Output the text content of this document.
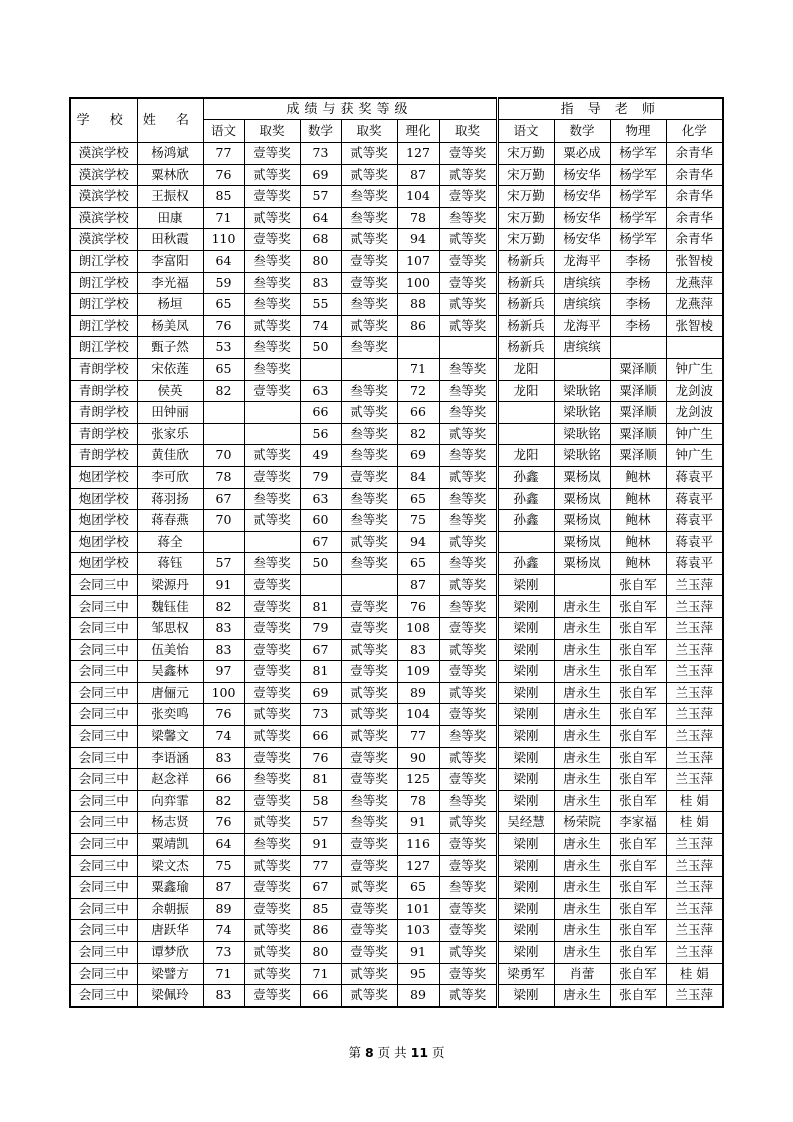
学 校	姓 名	成绩与获奖等级						指 导 老 师			
		语文	取奖	数学	取奖	理化	取奖	语文	数学	物理	化学
漠滨学校	杨鸿斌	77	壹等奖	73	贰等奖	127	壹等奖	宋万勤	粟必成	杨学军	余青华
漠滨学校	粟林欣	76	贰等奖	69	贰等奖	87	贰等奖	宋万勤	杨安华	杨学军	余青华
漠滨学校	王振权	85	壹等奖	57	叁等奖	104	壹等奖	宋万勤	杨安华	杨学军	余青华
漠滨学校	田康	71	贰等奖	64	叁等奖	78	叁等奖	宋万勤	杨安华	杨学军	余青华
漠滨学校	田秋霞	110	壹等奖	68	贰等奖	94	贰等奖	宋万勤	杨安华	杨学军	余青华
朗江学校	李富阳	64	叁等奖	80	壹等奖	107	壹等奖	杨新兵	龙海平	李杨	张智棱
朗江学校	李光福	59	叁等奖	83	壹等奖	100	壹等奖	杨新兵	唐缤缤	李杨	龙燕萍
朗江学校	杨垣	65	叁等奖	55	叁等奖	88	贰等奖	杨新兵	唐缤缤	李杨	龙燕萍
朗江学校	杨美凤	76	贰等奖	74	贰等奖	86	贰等奖	杨新兵	龙海平	李杨	张智棱
朗江学校	甄子然	53	叁等奖	50	叁等奖			杨新兵	唐缤缤		
青朗学校	宋依莲	65	叁等奖			71	叁等奖	龙阳		粟泽顺	钟广生
青朗学校	侯英	82	壹等奖	63	叁等奖	72	叁等奖	龙阳	梁耿铭	粟泽顺	龙剑波
青朗学校	田钟丽			66	贰等奖	66	叁等奖		梁耿铭	粟泽顺	龙剑波
青朗学校	张家乐			56	叁等奖	82	贰等奖		梁耿铭	粟泽顺	钟广生
青朗学校	黄佳欣	70	贰等奖	49	叁等奖	69	叁等奖	龙阳	梁耿铭	粟泽顺	钟广生
炮团学校	李可欣	78	壹等奖	79	壹等奖	84	贰等奖	孙鑫	粟杨岚	鲍林	蒋袁平
炮团学校	蒋羽扬	67	叁等奖	63	叁等奖	65	叁等奖	孙鑫	粟杨岚	鲍林	蒋袁平
炮团学校	蒋春燕	70	贰等奖	60	叁等奖	75	叁等奖	孙鑫	粟杨岚	鲍林	蒋袁平
炮团学校	蒋全			67	贰等奖	94	贰等奖		粟杨岚	鲍林	蒋袁平
炮团学校	蒋钰	57	叁等奖	50	叁等奖	65	叁等奖	孙鑫	粟杨岚	鲍林	蒋袁平
会同三中	梁源丹	91	壹等奖			87	贰等奖	梁刚		张自军	兰玉萍
会同三中	魏钰佳	82	壹等奖	81	壹等奖	76	叁等奖	梁刚	唐永生	张自军	兰玉萍
会同三中	邹思权	83	壹等奖	79	壹等奖	108	壹等奖	梁刚	唐永生	张自军	兰玉萍
会同三中	伍美怡	83	壹等奖	67	贰等奖	83	贰等奖	梁刚	唐永生	张自军	兰玉萍
会同三中	吴鑫林	97	壹等奖	81	壹等奖	109	壹等奖	梁刚	唐永生	张自军	兰玉萍
会同三中	唐俪元	100	壹等奖	69	贰等奖	89	贰等奖	梁刚	唐永生	张自军	兰玉萍
会同三中	张奕鸣	76	贰等奖	73	贰等奖	104	壹等奖	梁刚	唐永生	张自军	兰玉萍
会同三中	梁馨文	74	贰等奖	66	贰等奖	77	叁等奖	梁刚	唐永生	张自军	兰玉萍
会同三中	李语涵	83	壹等奖	76	壹等奖	90	贰等奖	梁刚	唐永生	张自军	兰玉萍
会同三中	赵念祥	66	叁等奖	81	壹等奖	125	壹等奖	梁刚	唐永生	张自军	兰玉萍
会同三中	向弈霏	82	壹等奖	58	叁等奖	78	叁等奖	梁刚	唐永生	张自军	桂 娟
会同三中	杨志贤	76	贰等奖	57	叁等奖	91	贰等奖	吴经慧	杨荣院	李家福	桂 娟
会同三中	粟靖凯	64	叁等奖	91	壹等奖	116	壹等奖	梁刚	唐永生	张自军	兰玉萍
会同三中	梁文杰	75	贰等奖	77	壹等奖	127	壹等奖	梁刚	唐永生	张自军	兰玉萍
会同三中	粟鑫瑜	87	壹等奖	67	贰等奖	65	叁等奖	梁刚	唐永生	张自军	兰玉萍
会同三中	余朝振	89	壹等奖	85	壹等奖	101	壹等奖	梁刚	唐永生	张自军	兰玉萍
会同三中	唐跃华	74	贰等奖	86	壹等奖	103	壹等奖	梁刚	唐永生	张自军	兰玉萍
会同三中	谭梦欣	73	贰等奖	80	壹等奖	91	贰等奖	梁刚	唐永生	张自军	兰玉萍
会同三中	梁譬方	71	贰等奖	71	贰等奖	95	壹等奖	梁勇军	肖蕾	张自军	桂 娟
会同三中	梁佩玲	83	壹等奖	66	贰等奖	89	贰等奖	梁刚	唐永生	张自军	兰玉萍
第 8 页 共 11 页
